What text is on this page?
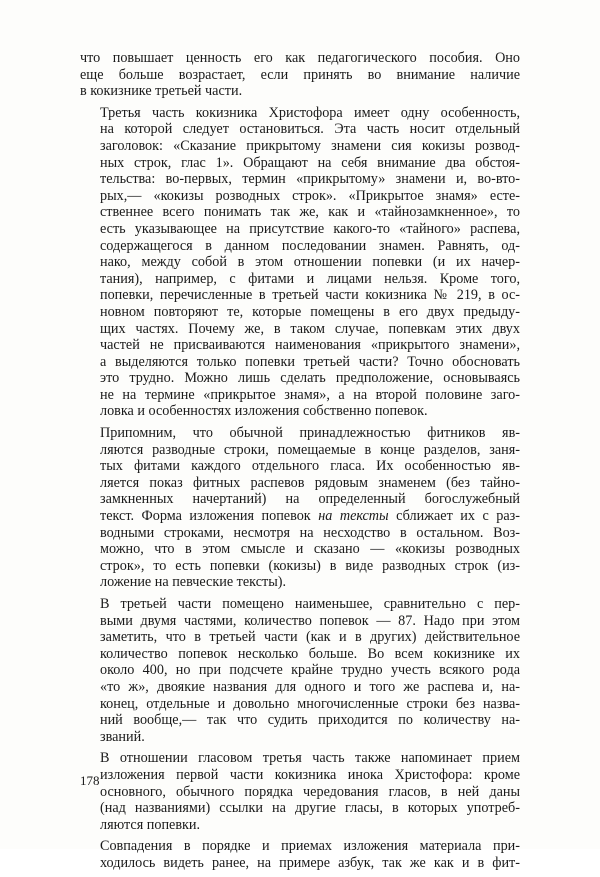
что повышает ценность его как педагогического пособия. Оно
еще больше возрастает, если принять во внимание наличие
в кокизнике третьей части.
Третья часть кокизника Христофора имеет одну особенность,
на которой следует остановиться. Эта часть носит отдельный
заголовок: «Сказание прикрытому знамени сия кокизы розвод-
ных строк, глас 1». Обращают на себя внимание два обстоя-
тельства: во-первых, термин «прикрытому» знамени и, во-вто-
рых,— «кокизы розводных строк». «Прикрытое знамя» есте-
ственнее всего понимать так же, как и «тайнозамкненное», то
есть указывающее на присутствие какого-то «тайного» распева,
содержащегося в данном последовании знамен. Равнять, од-
нако, между собой в этом отношении попевки (и их начер-
тания), например, с фитами и лицами нельзя. Кроме того,
попевки, перечисленные в третьей части кокизника № 219, в ос-
новном повторяют те, которые помещены в его двух предыду-
щих частях. Почему же, в таком случае, попевкам этих двух
частей не присваиваются наименования «прикрытого знамени»,
а выделяются только попевки третьей части? Точно обосновать
это трудно. Можно лишь сделать предположение, основываясь
не на термине «прикрытое знамя», а на второй половине заго-
ловка и особенностях изложения собственно попевок.
Припомним, что обычной принадлежностью фитников яв-
ляются разводные строки, помещаемые в конце разделов, заня-
тых фитами каждого отдельного гласа. Их особенностью яв-
ляется показ фитных распевов рядовым знаменем (без тайно-
замкненных начертаний) на определенный богослужебный
текст. Форма изложения попевок на тексты сближает их с раз-
водными строками, несмотря на несходство в остальном. Воз-
можно, что в этом смысле и сказано — «кокизы розводных
строк», то есть попевки (кокизы) в виде разводных строк (из-
ложение на певческие тексты).
В третьей части помещено наименьшее, сравнительно с пер-
выми двумя частями, количество попевок — 87. Надо при этом
заметить, что в третьей части (как и в других) действительное
количество попевок несколько больше. Во всем кокизнике их
около 400, но при подсчете крайне трудно учесть всякого рода
«то ж», двоякие названия для одного и того же распева и, на-
конец, отдельные и довольно многочисленные строки без назва-
ний вообще,— так что судить приходится по количеству на-
званий.
В отношении гласовом третья часть также напоминает прием
изложения первой части кокизника инока Христофора: кроме
основного, обычного порядка чередования гласов, в ней даны
(над названиями) ссылки на другие гласы, в которых употреб-
ляются попевки.
Совпадения в порядке и приемах изложения материала при-
ходилось видеть ранее, на примере азбук, так же как и в фит-
178
